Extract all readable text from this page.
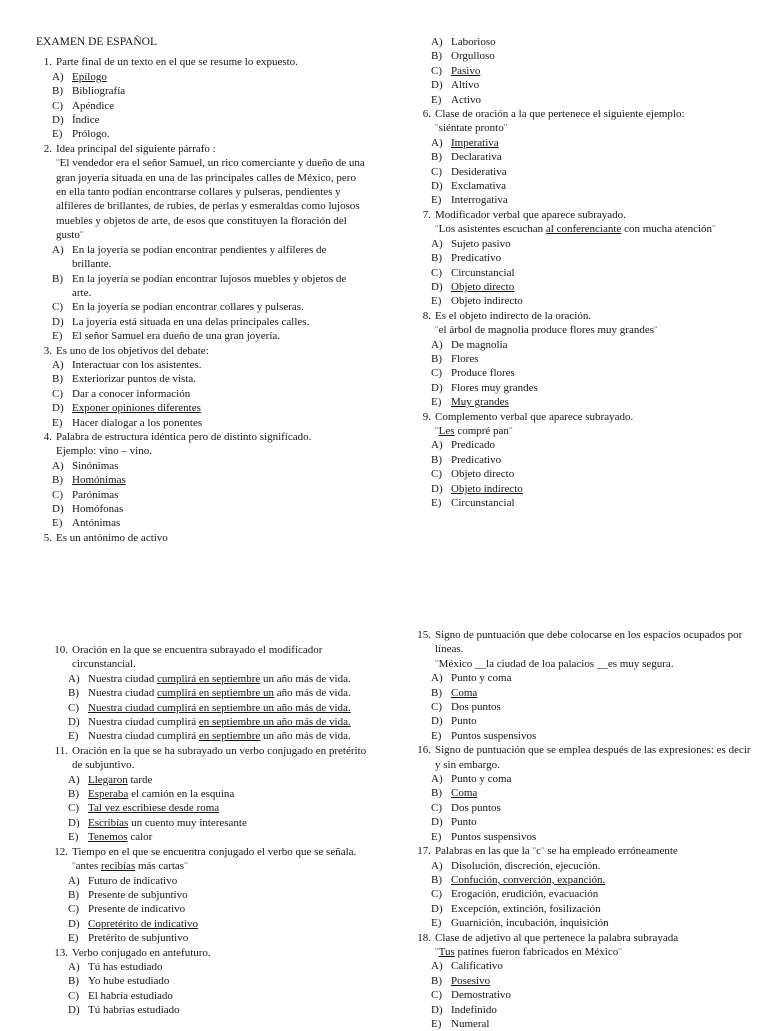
EXAMEN DE ESPAÑOL
1. Parte final de un texto en el que se resume lo expuesto.
A) Epílogo
B) Bibliografía
C) Apéndice
D) Índice
E) Prólogo.
2. Idea principal del siguiente párrafo :
¨El vendedor era el señor Samuel, un rico comerciante y dueño de una gran joyería situada en una de las principales calles de México, pero en ella tanto podían encontrarse collares y pulseras, pendientes y alfileres de brillantes, de rubíes, de perlas y esmeraldas como lujosos muebles y objetos de arte, de esos que constituyen la floración del gusto¨
A) En la joyería se podían encontrar pendientes y alfileres de brillante.
B) En la joyería se podían encontrar lujosos muebles y objetos de arte.
C) En la joyería se podían encontrar collares y pulseras.
D) La joyería está situada en una delas principales calles.
E) El señor Samuel era dueño de una gran joyería.
3. Es uno de los objetivos del debate:
A) Interactuar con los asistentes.
B) Exteriorizar puntos de vista.
C) Dar a conocer información
D) Exponer opiniones diferentes
E) Hacer dialogar a los ponentes
4. Palabra de estructura idéntica pero de distinto significado.
Ejemplo: vino – vino.
A) Sinónimas
B) Homónimas
C) Parónimas
D) Homófonas
E) Antónimas
5. Es un antónimo de activo
A) Laborioso
B) Orgulloso
C) Pasivo
D) Altivo
E) Activo
6. Clase de oración a la que pertenece el siguiente ejemplo:
¨siéntate pronto¨
A) Imperativa
B) Declarativa
C) Desiderativa
D) Exclamativa
E) Interrogativa
7. Modificador verbal que aparece subrayado.
¨Los asistentes escuchan al conferenciante con mucha atención¨
A) Sujeto pasivo
B) Predicativo
C) Circunstancial
D) Objeto directo
E) Objeto indirecto
8. Es el objeto indirecto de la oración.
¨el árbol de magnolia produce flores muy grandes¨
A) De magnolia
B) Flores
C) Produce flores
D) Flores muy grandes
E) Muy grandes
9. Complemento verbal que aparece subrayado.
¨Les compré pan¨
A) Predicado
B) Predicativo
C) Objeto directo
D) Objeto indirecto
E) Circunstancial
10. Oración en la que se encuentra subrayado el modificador circunstancial.
A) Nuestra ciudad cumplirá en septiembre un año más de vida.
B) Nuestra ciudad cumplirá en septiembre un año más de vida.
C) Nuestra ciudad cumplirá en septiembre un año más de vida.
D) Nuestra ciudad cumplirá en septiembre un año más de vida.
E) Nuestra ciudad cumplirá en septiembre un año más de vida.
11. Oración en la que se ha subrayado un verbo conjugado en pretérito de subjuntivo.
A) Llegaron tarde
B) Esperaba el camión en la esquina
C) Tal vez escribiese desde roma
D) Escribías un cuento muy interesante
E) Tenemos calor
12. Tiempo en el que se encuentra conjugado el verbo que se señala.
¨antes recibías más cartas¨
A) Futuro de indicativo
B) Presente de subjuntivo
C) Presente de indicativo
D) Copretérito de indicativo
E) Pretérito de subjuntivo
13. Verbo conjugado en antefuturo.
A) Tú has estudiado
B) Yo hube estudiado
C) El habría estudiado
D) Tú habrías estudiado
15. Signo de puntuación que debe colocarse en los espacios ocupados por líneas.
¨México __la ciudad de loa palacios __es muy segura.
A) Punto y coma
B) Coma
C) Dos puntos
D) Punto
E) Puntos suspensivos
16. Signo de puntuación que se emplea después de las expresiones: es decir y sin embargo.
A) Punto y coma
B) Coma
C) Dos puntos
D) Punto
E) Puntos suspensivos
17. Palabras en las que la ¨c¨ se ha empleado erróneamente
A) Disolución, discreción, ejecución.
B) Confución, converción, expanción.
C) Erogación, erudición, evacuación
D) Excepción, extinción, fosilización
E) Guarnición, incubación, inquisición
18. Clase de adjetivo al que pertenece la palabra subrayada
¨Tus patines fueron fabricados en México¨
A) Calificativo
B) Posesivo
C) Demostrativo
D) Indefinido
E) Numeral
